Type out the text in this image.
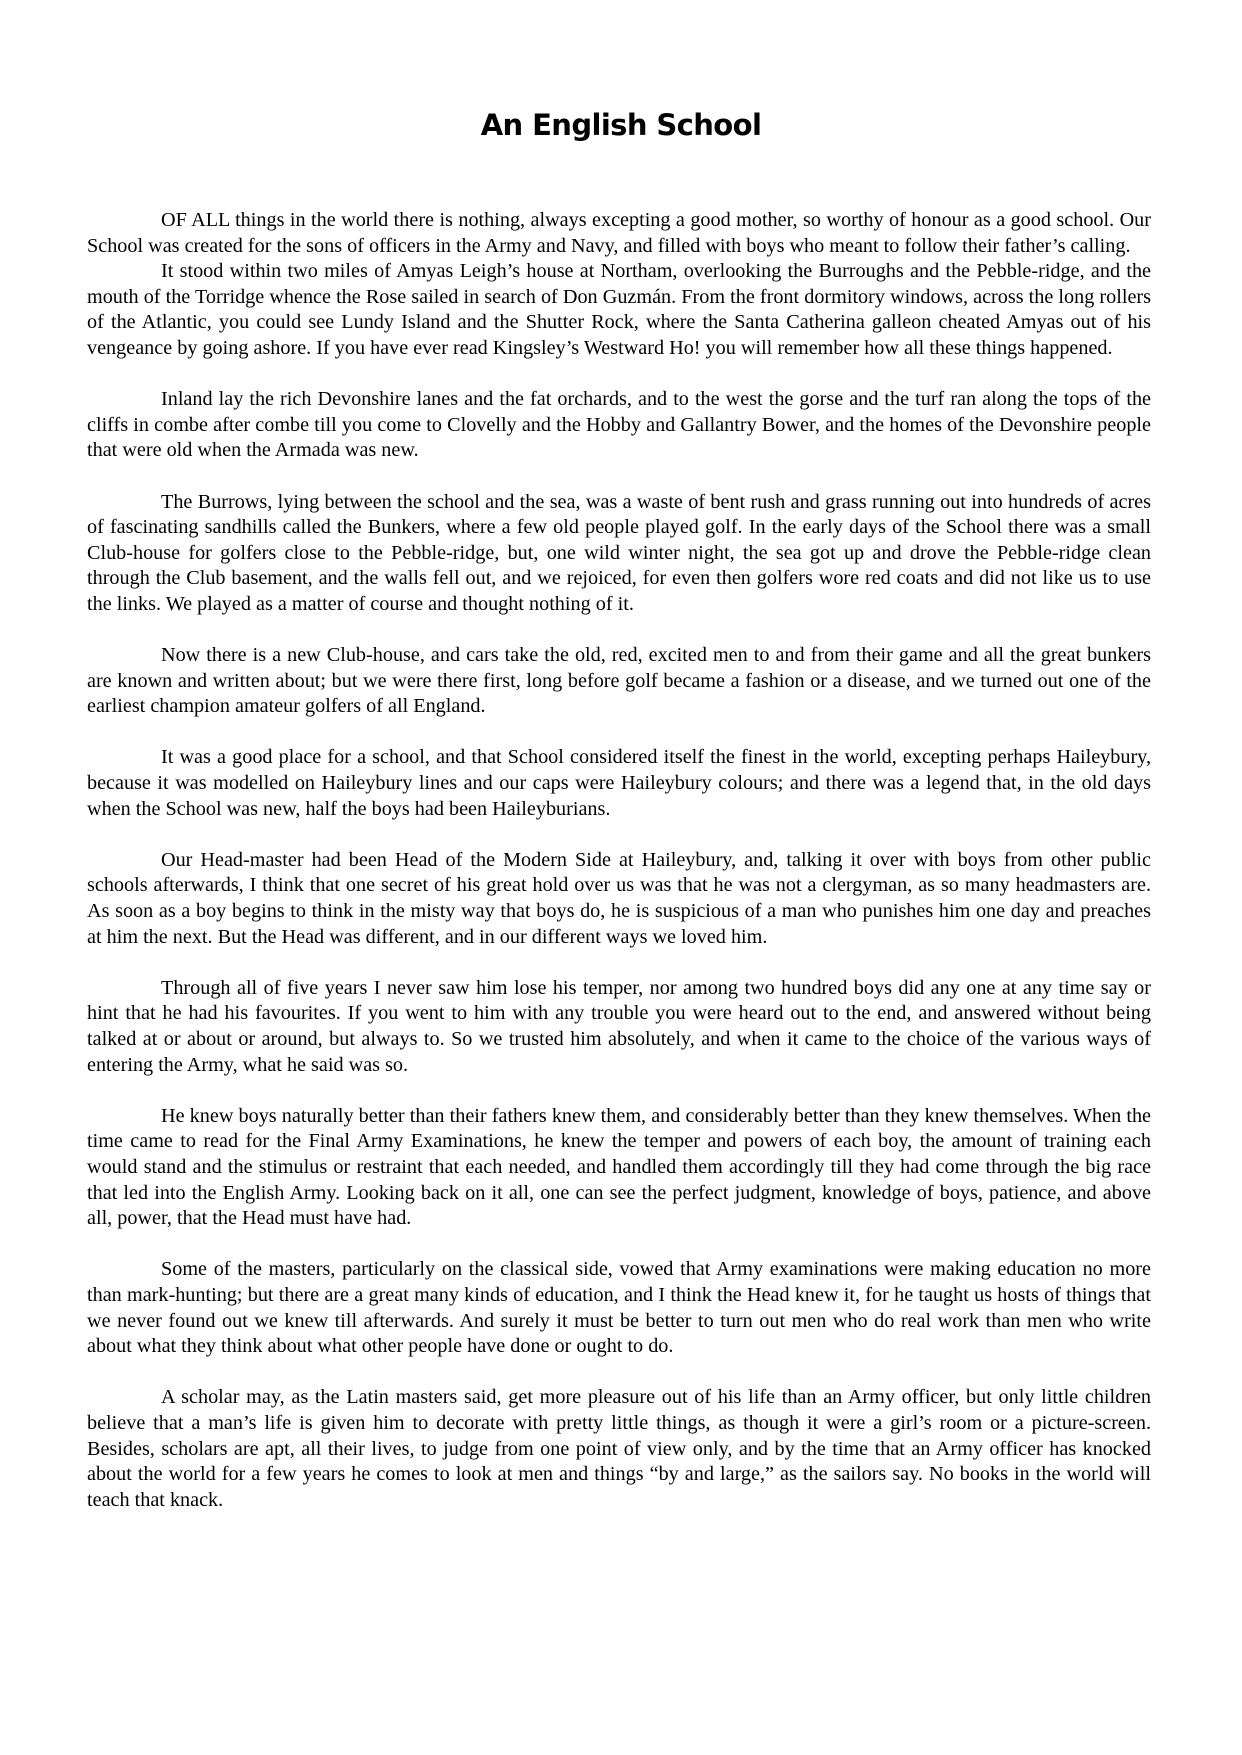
An English School

OF ALL things in the world there is nothing, always excepting a good mother, so worthy of honour as a good school. Our School was created for the sons of officers in the Army and Navy, and filled with boys who meant to follow their father’s calling.

It stood within two miles of Amyas Leigh’s house at Northam, overlooking the Burroughs and the Pebble-ridge, and the mouth of the Torridge whence the Rose sailed in search of Don Guzmán. From the front dormitory windows, across the long rollers of the Atlantic, you could see Lundy Island and the Shutter Rock, where the Santa Catherina galleon cheated Amyas out of his vengeance by going ashore. If you have ever read Kingsley’s Westward Ho! you will remember how all these things happened.

Inland lay the rich Devonshire lanes and the fat orchards, and to the west the gorse and the turf ran along the tops of the cliffs in combe after combe till you come to Clovelly and the Hobby and Gallantry Bower, and the homes of the Devonshire people that were old when the Armada was new.

The Burrows, lying between the school and the sea, was a waste of bent rush and grass running out into hundreds of acres of fascinating sandhills called the Bunkers, where a few old people played golf. In the early days of the School there was a small Club-house for golfers close to the Pebble-ridge, but, one wild winter night, the sea got up and drove the Pebble-ridge clean through the Club basement, and the walls fell out, and we rejoiced, for even then golfers wore red coats and did not like us to use the links. We played as a matter of course and thought nothing of it.

Now there is a new Club-house, and cars take the old, red, excited men to and from their game and all the great bunkers are known and written about; but we were there first, long before golf became a fashion or a disease, and we turned out one of the earliest champion amateur golfers of all England.

It was a good place for a school, and that School considered itself the finest in the world, excepting perhaps Haileybury, because it was modelled on Haileybury lines and our caps were Haileybury colours; and there was a legend that, in the old days when the School was new, half the boys had been Haileyburians.

Our Head-master had been Head of the Modern Side at Haileybury, and, talking it over with boys from other public schools afterwards, I think that one secret of his great hold over us was that he was not a clergyman, as so many headmasters are. As soon as a boy begins to think in the misty way that boys do, he is suspicious of a man who punishes him one day and preaches at him the next. But the Head was different, and in our different ways we loved him.

Through all of five years I never saw him lose his temper, nor among two hundred boys did any one at any time say or hint that he had his favourites. If you went to him with any trouble you were heard out to the end, and answered without being talked at or about or around, but always to. So we trusted him absolutely, and when it came to the choice of the various ways of entering the Army, what he said was so.

He knew boys naturally better than their fathers knew them, and considerably better than they knew themselves. When the time came to read for the Final Army Examinations, he knew the temper and powers of each boy, the amount of training each would stand and the stimulus or restraint that each needed, and handled them accordingly till they had come through the big race that led into the English Army. Looking back on it all, one can see the perfect judgment, knowledge of boys, patience, and above all, power, that the Head must have had.

Some of the masters, particularly on the classical side, vowed that Army examinations were making education no more than mark-hunting; but there are a great many kinds of education, and I think the Head knew it, for he taught us hosts of things that we never found out we knew till afterwards. And surely it must be better to turn out men who do real work than men who write about what they think about what other people have done or ought to do.

A scholar may, as the Latin masters said, get more pleasure out of his life than an Army officer, but only little children believe that a man’s life is given him to decorate with pretty little things, as though it were a girl’s room or a picture-screen. Besides, scholars are apt, all their lives, to judge from one point of view only, and by the time that an Army officer has knocked about the world for a few years he comes to look at men and things “by and large,” as the sailors say. No books in the world will teach that knack.
